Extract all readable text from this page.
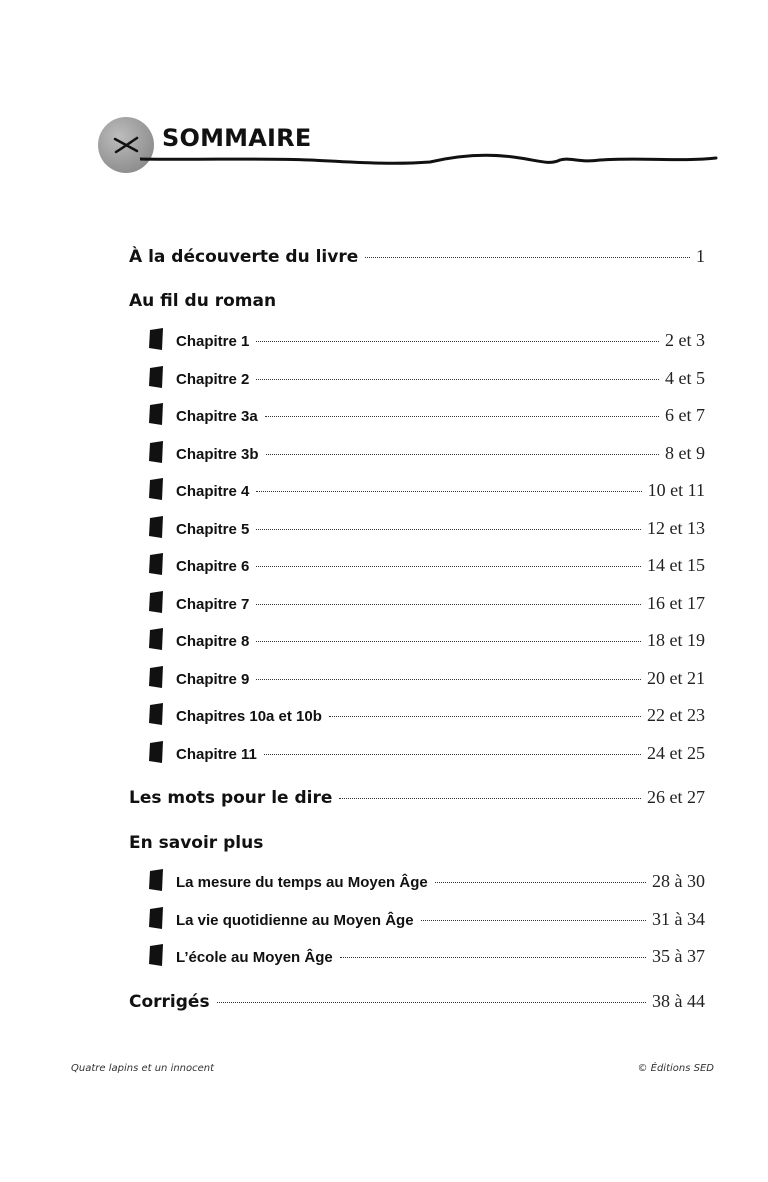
SOMMAIRE
À la découverte du livre	1
Au fil du roman
Chapitre 1	2 et 3
Chapitre 2	4 et 5
Chapitre 3a	6 et 7
Chapitre 3b	8 et 9
Chapitre 4	10 et 11
Chapitre 5	12 et 13
Chapitre 6	14 et 15
Chapitre 7	16 et 17
Chapitre 8	18 et 19
Chapitre 9	20 et 21
Chapitres 10a et 10b	22 et 23
Chapitre 11	24 et 25
Les mots pour le dire	26 et 27
En savoir plus
La mesure du temps au Moyen Âge	28 à 30
La vie quotidienne au Moyen Âge	31 à 34
L’école au Moyen Âge	35 à 37
Corrigés	38 à 44
Quatre lapins et un innocent	© Éditions SED
